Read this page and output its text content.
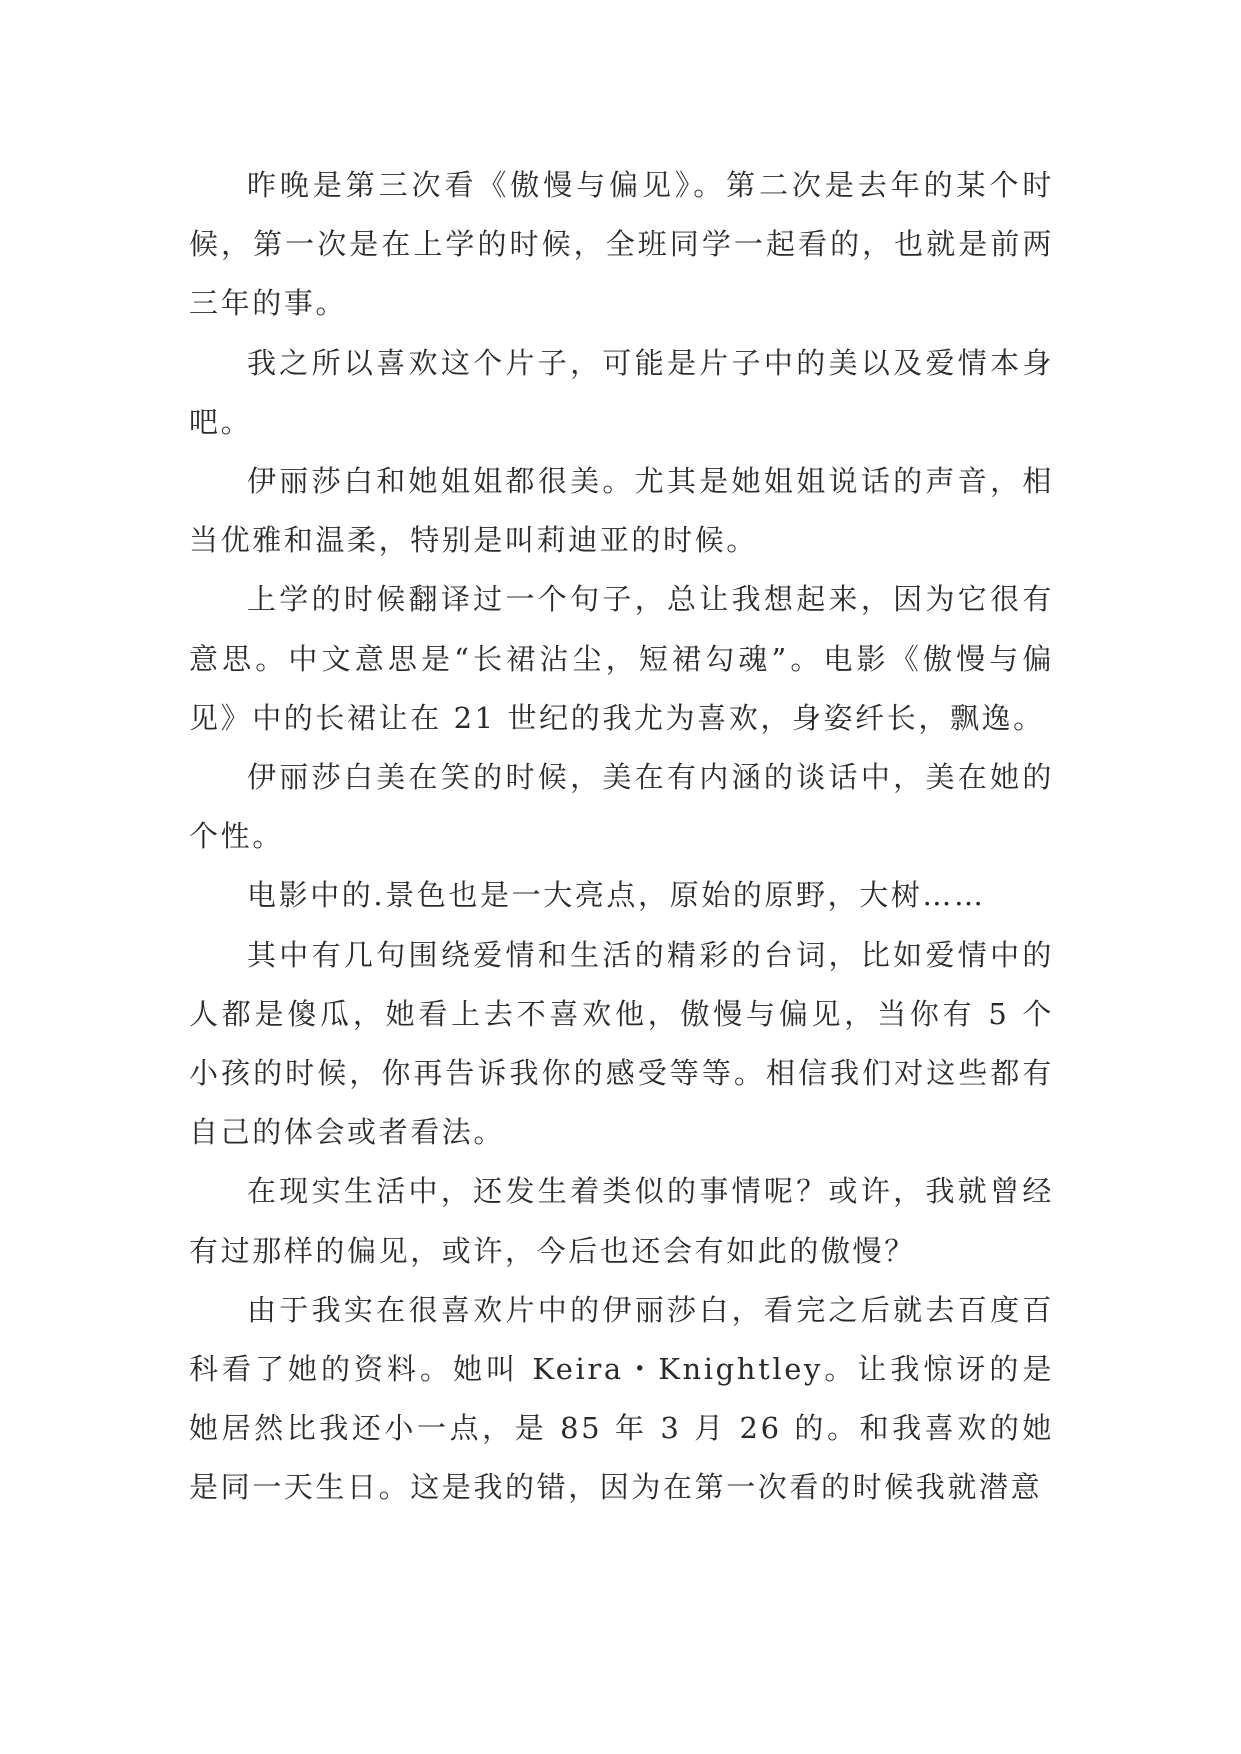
昨晚是第三次看《傲慢与偏见》。第二次是去年的某个时候，第一次是在上学的时候，全班同学一起看的，也就是前两三年的事。

我之所以喜欢这个片子，可能是片子中的美以及爱情本身吧。

伊丽莎白和她姐姐都很美。尤其是她姐姐说话的声音，相当优雅和温柔，特别是叫莉迪亚的时候。

上学的时候翻译过一个句子，总让我想起来，因为它很有意思。中文意思是“长裙沾尘，短裙勾魂”。电影《傲慢与偏见》中的长裙让在 21 世纪的我尤为喜欢，身姿纤长，飘逸。

伊丽莎白美在笑的时候，美在有内涵的谈话中，美在她的个性。

电影中的.景色也是一大亮点，原始的原野，大树……

其中有几句围绕爱情和生活的精彩的台词，比如爱情中的人都是傻瓜，她看上去不喜欢他，傲慢与偏见，当你有 5 个小孩的时候，你再告诉我你的感受等等。相信我们对这些都有自己的体会或者看法。

在现实生活中，还发生着类似的事情呢？或许，我就曾经有过那样的偏见，或许，今后也还会有如此的傲慢？

由于我实在很喜欢片中的伊丽莎白，看完之后就去百度百科看了她的资料。她叫 Keira・Knightley。让我惊讶的是她居然比我还小一点，是 85 年 3 月 26 的。和我喜欢的她是同一天生日。这是我的错，因为在第一次看的时候我就潜意
